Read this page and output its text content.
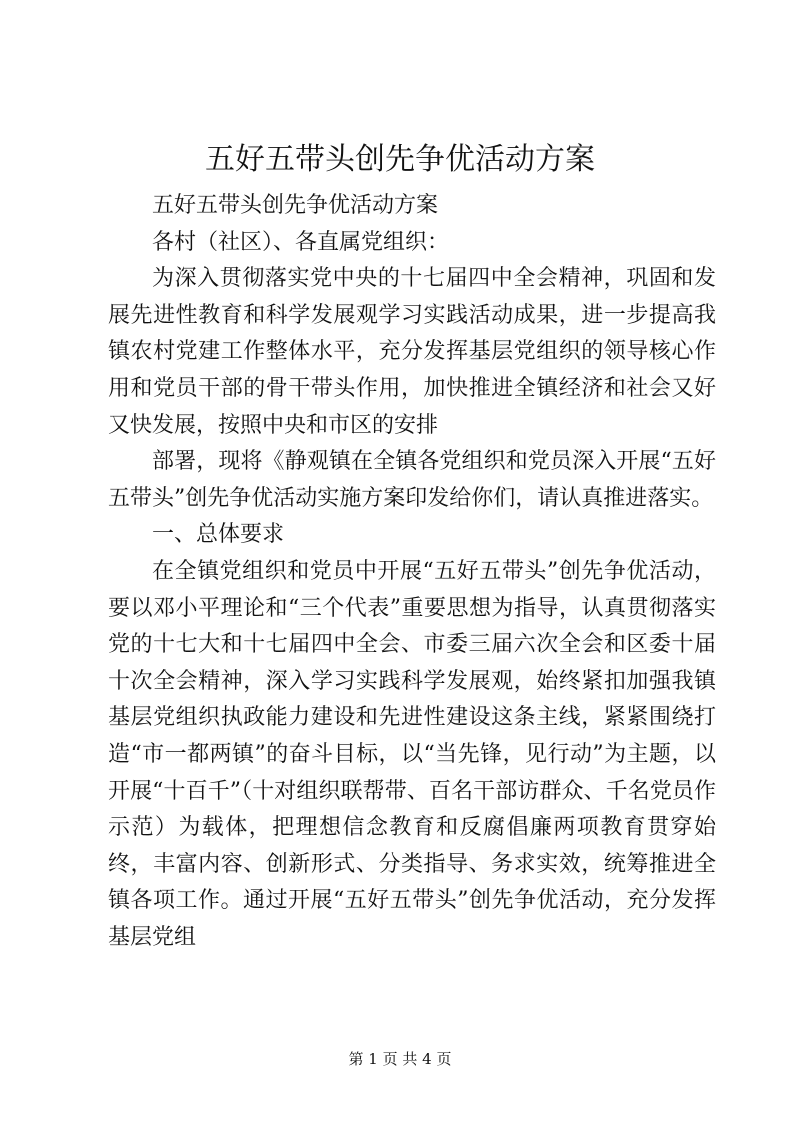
五好五带头创先争优活动方案

五好五带头创先争优活动方案

各村（社区）、各直属党组织：

为深入贯彻落实党中央的十七届四中全会精神，巩固和发展先进性教育和科学发展观学习实践活动成果，进一步提高我镇农村党建工作整体水平，充分发挥基层党组织的领导核心作用和党员干部的骨干带头作用，加快推进全镇经济和社会又好又快发展，按照中央和市区的安排

部署，现将《静观镇在全镇各党组织和党员深入开展“五好五带头”创先争优活动实施方案印发给你们，请认真推进落实。

一、总体要求

在全镇党组织和党员中开展“五好五带头”创先争优活动，要以邓小平理论和“三个代表”重要思想为指导，认真贯彻落实党的十七大和十七届四中全会、市委三届六次全会和区委十届十次全会精神，深入学习实践科学发展观，始终紧扣加强我镇基层党组织执政能力建设和先进性建设这条主线，紧紧围绕打造“市一都两镇”的奋斗目标，以“当先锋，见行动”为主题，以开展“十百千”（十对组织联帮带、百名干部访群众、千名党员作示范）为载体，把理想信念教育和反腐倡廉两项教育贯穿始终，丰富内容、创新形式、分类指导、务求实效，统筹推进全镇各项工作。通过开展“五好五带头”创先争优活动，充分发挥基层党组

第 1 页 共 4 页
